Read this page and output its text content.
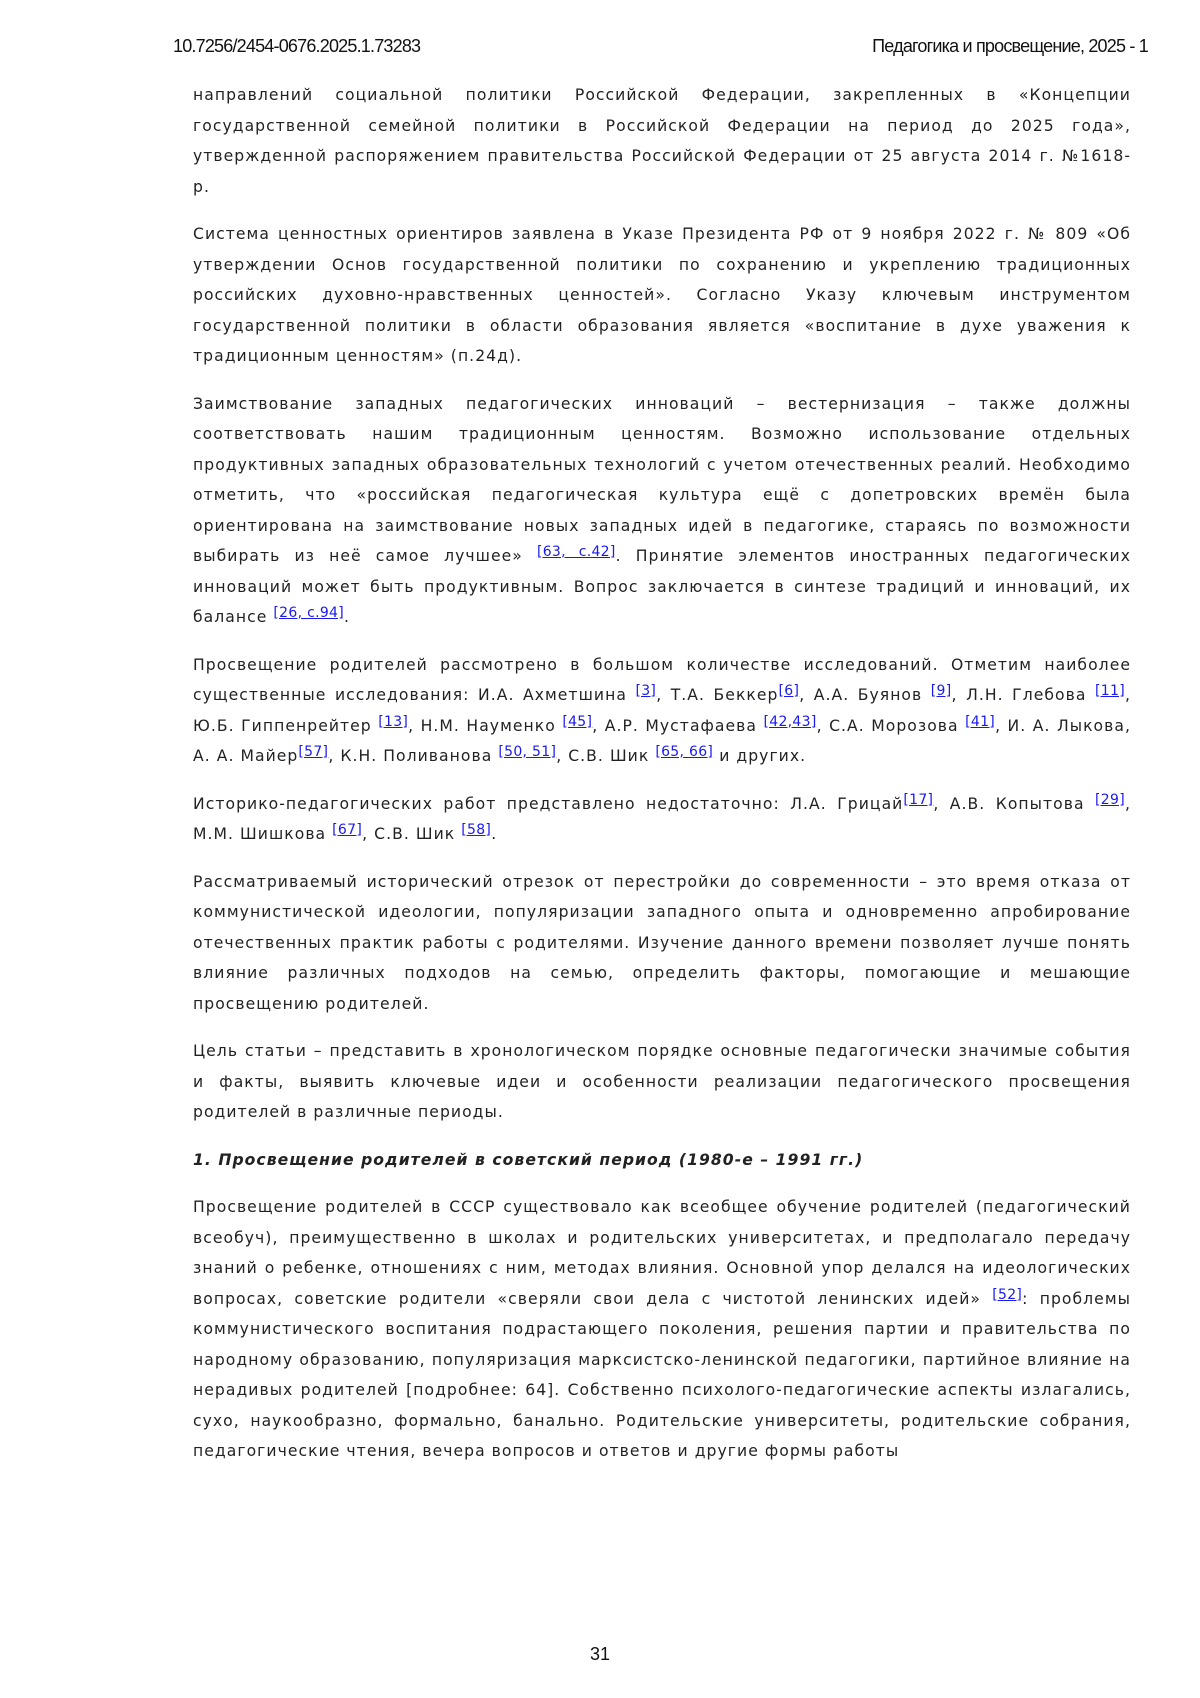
10.7256/2454-0676.2025.1.73283	Педагогика и просвещение, 2025 - 1

направлений социальной политики Российской Федерации, закрепленных в «Концепции государственной семейной политики в Российской Федерации на период до 2025 года», утвержденной распоряжением правительства Российской Федерации от 25 августа 2014 г. №1618-р.

Система ценностных ориентиров заявлена в Указе Президента РФ от 9 ноября 2022 г. № 809 «Об утверждении Основ государственной политики по сохранению и укреплению традиционных российских духовно-нравственных ценностей». Согласно Указу ключевым инструментом государственной политики в области образования является «воспитание в духе уважения к традиционным ценностям» (п.24д).

Заимствование западных педагогических инноваций – вестернизация – также должны соответствовать нашим традиционным ценностям. Возможно использование отдельных продуктивных западных образовательных технологий с учетом отечественных реалий. Необходимо отметить, что «российская педагогическая культура ещё с допетровских времён была ориентирована на заимствование новых западных идей в педагогике, стараясь по возможности выбирать из неё самое лучшее» [63, с.42]. Принятие элементов иностранных педагогических инноваций может быть продуктивным. Вопрос заключается в синтезе традиций и инноваций, их балансе [26, с.94].

Просвещение родителей рассмотрено в большом количестве исследований. Отметим наиболее существенные исследования: И.А. Ахметшина [3], Т.А. Беккер[6], А.А. Буянов [9], Л.Н. Глебова [11], Ю.Б. Гиппенрейтер [13], Н.М. Науменко [45], А.Р. Мустафаева [42,43], С.А. Морозова [41], И. А. Лыкова, А. А. Майер[57], К.Н. Поливанова [50, 51], С.В. Шик [65, 66] и других.

Историко-педагогических работ представлено недостаточно: Л.А. Грицай[17], А.В. Копытова [29], М.М. Шишкова [67], С.В. Шик [58].

Рассматриваемый исторический отрезок от перестройки до современности – это время отказа от коммунистической идеологии, популяризации западного опыта и одновременно апробирование отечественных практик работы с родителями. Изучение данного времени позволяет лучше понять влияние различных подходов на семью, определить факторы, помогающие и мешающие просвещению родителей.

Цель статьи – представить в хронологическом порядке основные педагогически значимые события и факты, выявить ключевые идеи и особенности реализации педагогического просвещения родителей в различные периоды.

1. Просвещение родителей в советский период (1980-е – 1991 гг.)

Просвещение родителей в СССР существовало как всеобщее обучение родителей (педагогический всеобуч), преимущественно в школах и родительских университетах, и предполагало передачу знаний о ребенке, отношениях с ним, методах влияния. Основной упор делался на идеологических вопросах, советские родители «сверяли свои дела с чистотой ленинских идей» [52]: проблемы коммунистического воспитания подрастающего поколения, решения партии и правительства по народному образованию, популяризация марксистско-ленинской педагогики, партийное влияние на нерадивых родителей [подробнее: 64]. Собственно психолого-педагогические аспекты излагались, сухо, наукообразно, формально, банально. Родительские университеты, родительские собрания, педагогические чтения, вечера вопросов и ответов и другие формы работы

31
